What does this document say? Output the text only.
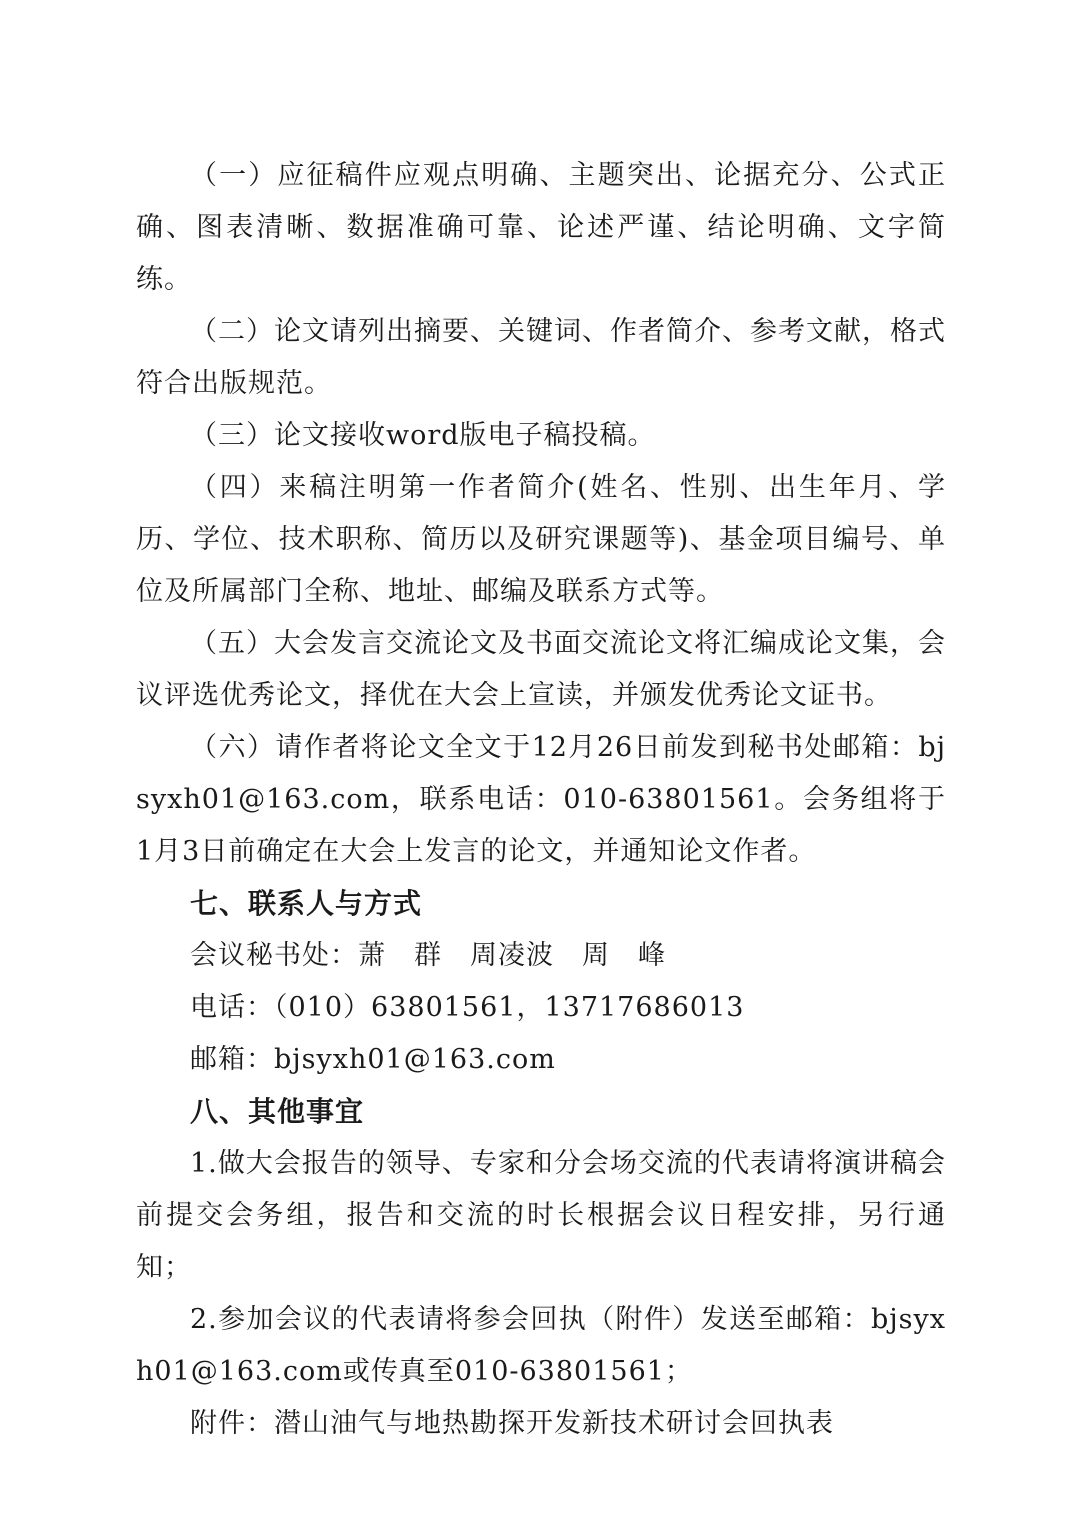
（一）应征稿件应观点明确、主题突出、论据充分、公式正确、图表清晰、数据准确可靠、论述严谨、结论明确、文字简练。

（二）论文请列出摘要、关键词、作者简介、参考文献，格式符合出版规范。

（三）论文接收word版电子稿投稿。

（四）来稿注明第一作者简介(姓名、性别、出生年月、学历、学位、技术职称、简历以及研究课题等)、基金项目编号、单位及所属部门全称、地址、邮编及联系方式等。

（五）大会发言交流论文及书面交流论文将汇编成论文集，会议评选优秀论文，择优在大会上宣读，并颁发优秀论文证书。

（六）请作者将论文全文于12月26日前发到秘书处邮箱：bjsyxh01@163.com，联系电话：010-63801561。会务组将于1月3日前确定在大会上发言的论文，并通知论文作者。

七、联系人与方式

会议秘书处：萧　群　周凌波　周　峰

电话：（010）63801561，13717686013

邮箱：bjsyxh01@163.com

八、其他事宜

1.做大会报告的领导、专家和分会场交流的代表请将演讲稿会前提交会务组，报告和交流的时长根据会议日程安排，另行通知；

2.参加会议的代表请将参会回执（附件）发送至邮箱：bjsyxh01@163.com或传真至010-63801561；

附件：潜山油气与地热勘探开发新技术研讨会回执表
